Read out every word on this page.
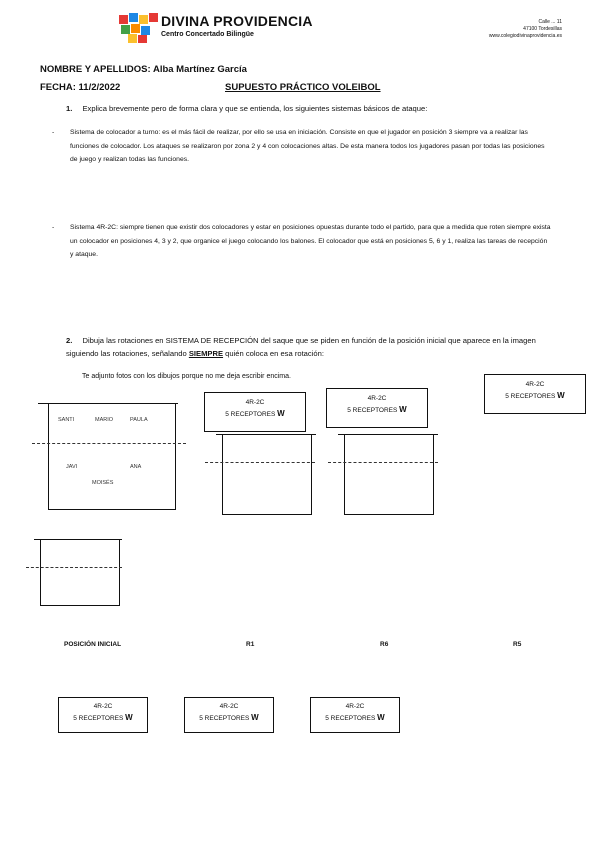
DIVINA PROVIDENCIA
Centro Concertado Bilingüe
Calle ... 11
47100 Tordesillas
www.colegiodivinaprovidencia.es
NOMBRE Y APELLIDOS: Alba Martínez García
FECHA: 11/2/2022	SUPUESTO PRÁCTICO VOLEIBOL
1. Explica brevemente pero de forma clara y que se entienda, los siguientes sistemas básicos de ataque:
-	Sistema de colocador a turno: es el más fácil de realizar, por ello se usa en iniciación. Consiste en que el jugador en posición 3 siempre va a realizar las funciones de colocador. Los ataques se realizaron por zona 2 y 4 con colocaciones altas. De esta manera todos los jugadores pasan por todas las posiciones de juego y realizan todas las funciones.
-	Sistema 4R-2C: siempre tienen que existir dos colocadores y estar en posiciones opuestas durante todo el partido, para que a medida que roten siempre exista un colocador en posiciones 4, 3 y 2, que organice el juego colocando los balones. El colocador que está en posiciones 5, 6 y 1, realiza las tareas de recepción y ataque.
2. Dibuja las rotaciones en SISTEMA DE RECEPCIÓN del saque que se piden en función de la posición inicial que aparece en la imagen siguiendo las rotaciones, señalando SIEMPRE quién coloca en esa rotación:
Te adjunto fotos con los dibujos porque no me deja escribir encima.
SANTI	MARIO	PAULA
JAVI	ANA
MOISÉS
4R-2C
5 RECEPTORES W
4R-2C
5 RECEPTORES W
4R-2C
5 RECEPTORES W
POSICIÓN INICIAL	R1	R6	R5
4R-2C
5 RECEPTORES W
4R-2C
5 RECEPTORES W
4R-2C
5 RECEPTORES W
